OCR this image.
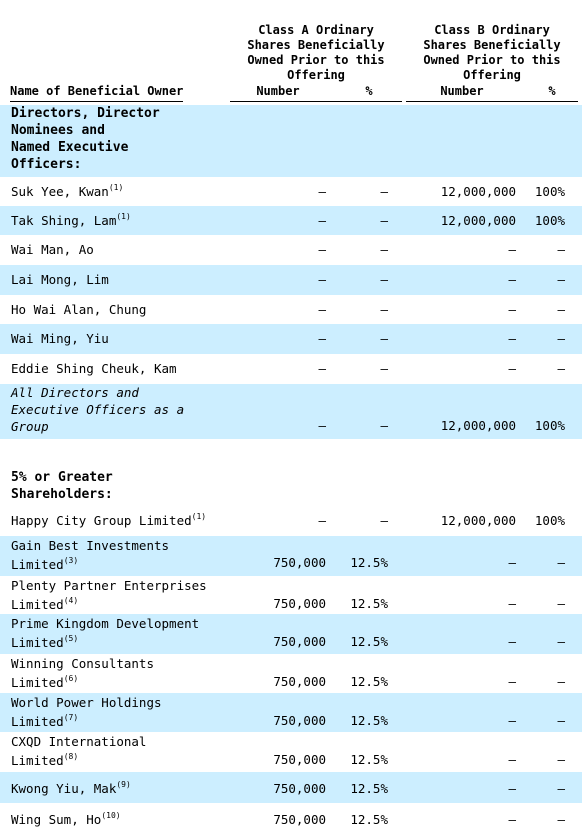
Class A Ordinary
Shares Beneficially
Owned Prior to this
Offering

Class B Ordinary
Shares Beneficially
Owned Prior to this
Offering

Name of Beneficial Owner	Number	%	Number	%
Directors, Director
Nominees and
Named Executive
Officers:
Suk Yee, Kwan$^{(1)}$	—	—	12,000,000 100%
Tak Shing, Lam$^{(1)}$	—	—	12,000,000 100%
Wai Man, Ao	—	—	—	—
Lai Mong, Lim	—	—	—	—
Ho Wai Alan, Chung	—	—	—	—
Wai Ming, Yiu	—	—	—	—
Eddie Shing Cheuk, Kam	—	—	—	—
All Directors and
Executive Officers as a
Group	—	—	12,000,000 100%
Happy City Group Limited$^{(1)}$	—	—	12,000,000 100%
Gain Best Investments
Limited$^{(3)}$	750,000 12.5%	—	—
Plenty Partner Enterprises
Limited$^{(4)}$	750,000 12.5%	—	—
Prime Kingdom Development
Limited$^{(5)}$	750,000 12.5%	—	—
Winning Consultants
Limited$^{(6)}$	750,000 12.5%	—	—
World Power Holdings
Limited$^{(7)}$	750,000 12.5%	—	—
CXQD International
Limited$^{(8)}$	750,000 12.5%	—	—
Kwong Yiu, Mak$^{(9)}$	750,000 12.5%	—	—
Wing Sum, Ho$^{(10)}$	750,000 12.5%	—	—
5% or Greater
Shareholders:
